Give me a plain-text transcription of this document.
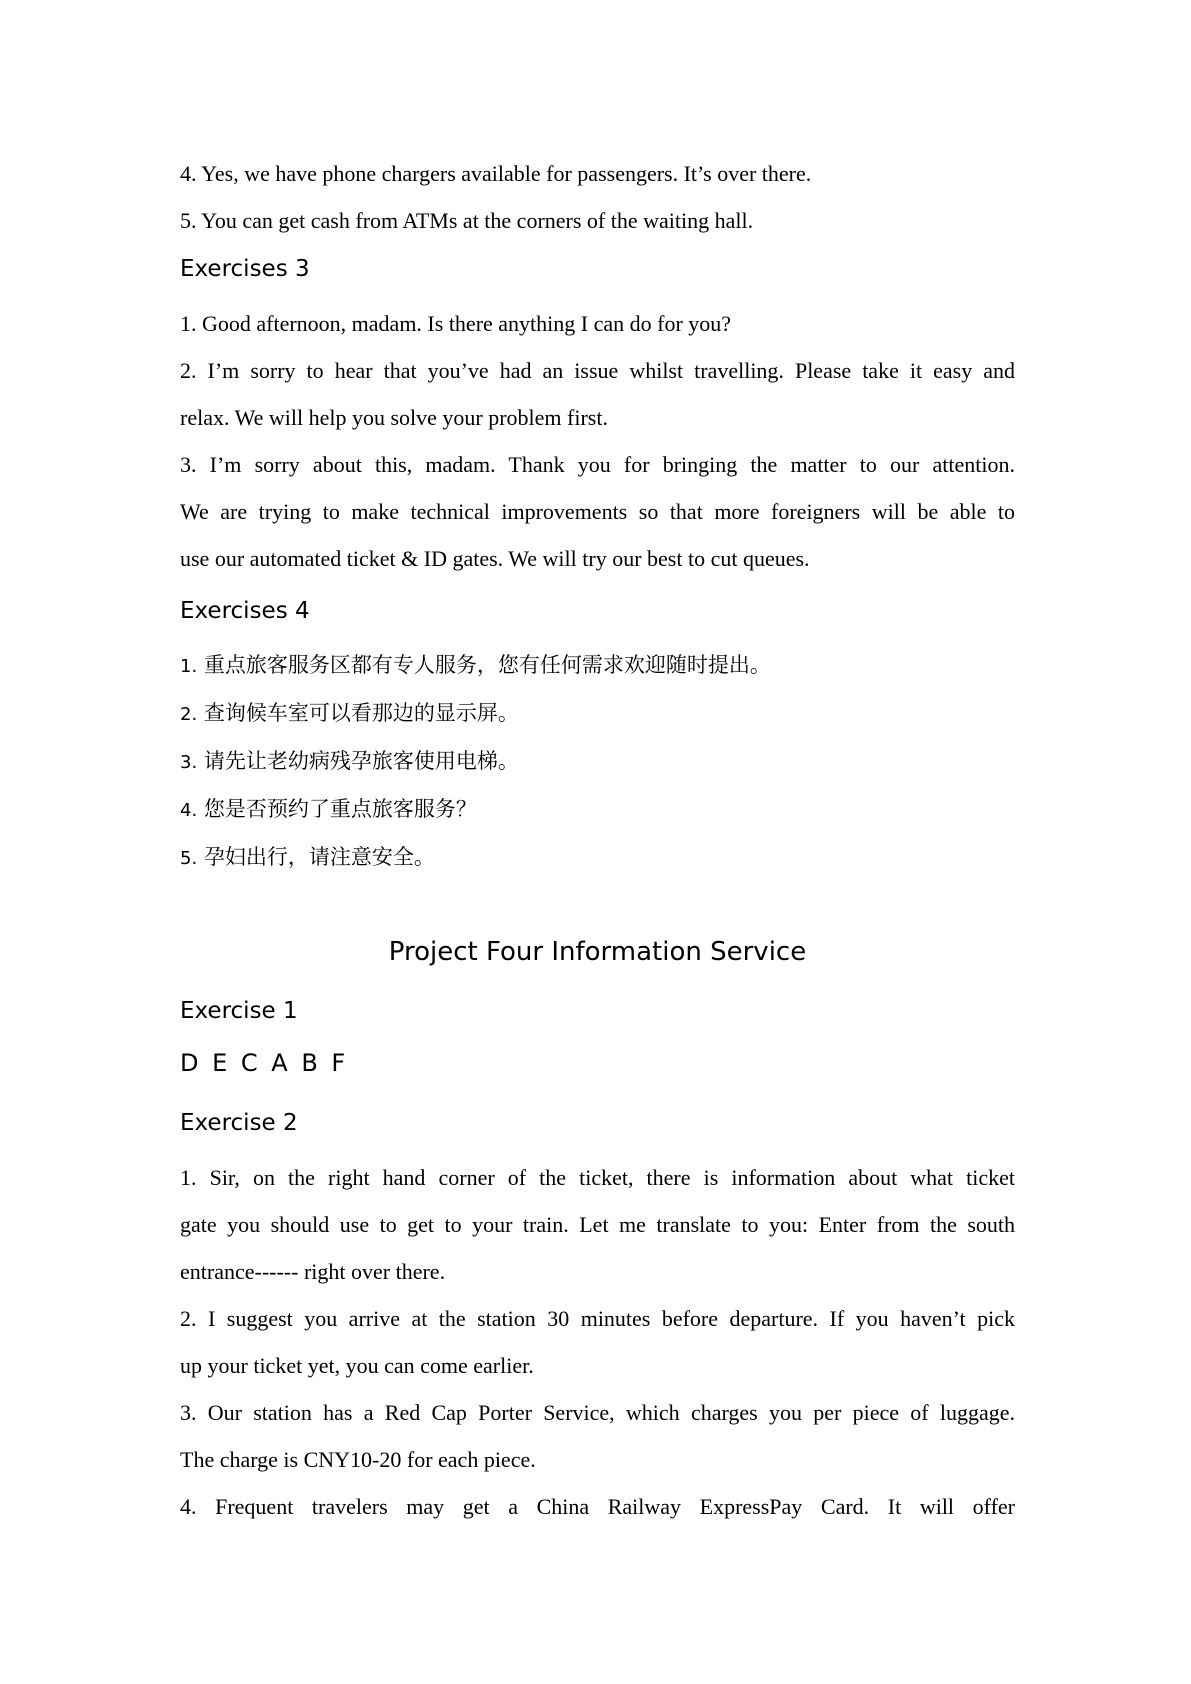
4. Yes, we have phone chargers available for passengers. It’s over there.
5. You can get cash from ATMs at the corners of the waiting hall.
Exercises 3
1. Good afternoon, madam. Is there anything I can do for you?
2. I’m sorry to hear that you’ve had an issue whilst travelling. Please take it easy and
relax. We will help you solve your problem first.
3. I’m sorry about this, madam. Thank you for bringing the matter to our attention.
We are trying to make technical improvements so that more foreigners will be able to
use our automated ticket & ID gates. We will try our best to cut queues.
Exercises 4
1. 重点旅客服务区都有专人服务，您有任何需求欢迎随时提出。
2. 查询候车室可以看那边的显示屏。
3. 请先让老幼病残孕旅客使用电梯。
4. 您是否预约了重点旅客服务？
5. 孕妇出行，请注意安全。
Project Four Information Service
Exercise 1
D E C A B F
Exercise 2
1. Sir, on the right hand corner of the ticket, there is information about what ticket
gate you should use to get to your train. Let me translate to you: Enter from the south
entrance------ right over there.
2. I suggest you arrive at the station 30 minutes before departure. If you haven’t pick
up your ticket yet, you can come earlier.
3. Our station has a Red Cap Porter Service, which charges you per piece of luggage.
The charge is CNY10-20 for each piece.
4. Frequent travelers may get a China Railway ExpressPay Card. It will offer
